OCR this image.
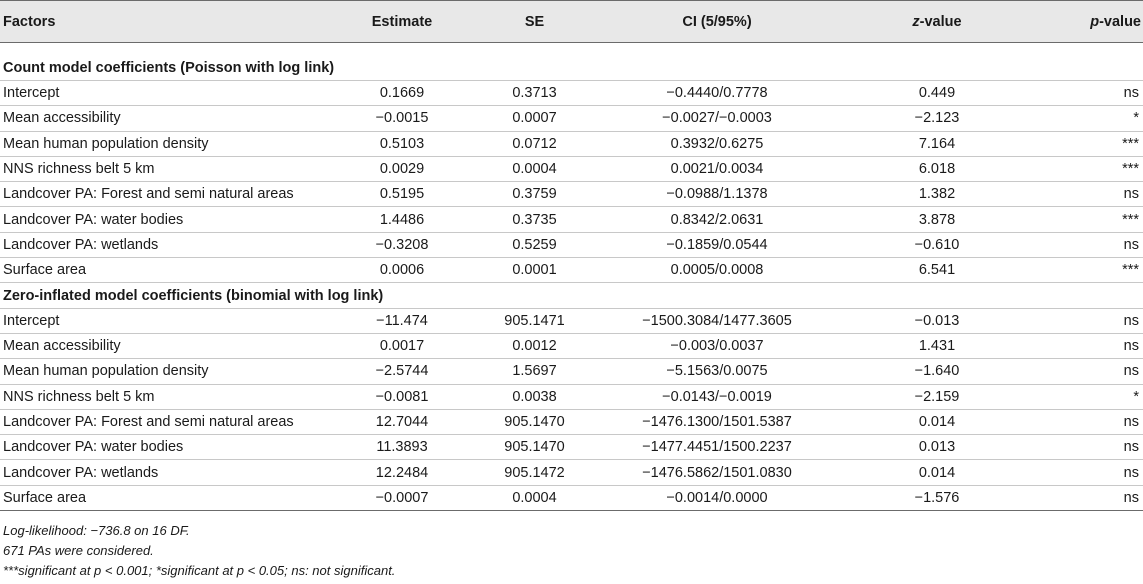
Factors	Estimate	SE	CI (5/95%)	z-value	p-value
Count model coefficients (Poisson with log link)					
Intercept	0.1669	0.3713	−0.4440/0.7778	0.449	ns
Mean accessibility	−0.0015	0.0007	−0.0027/−0.0003	−2.123	*
Mean human population density	0.5103	0.0712	0.3932/0.6275	7.164	***
NNS richness belt 5 km	0.0029	0.0004	0.0021/0.0034	6.018	***
Landcover PA: Forest and semi natural areas	0.5195	0.3759	−0.0988/1.1378	1.382	ns
Landcover PA: water bodies	1.4486	0.3735	0.8342/2.0631	3.878	***
Landcover PA: wetlands	−0.3208	0.5259	−0.1859/0.0544	−0.610	ns
Surface area	0.0006	0.0001	0.0005/0.0008	6.541	***
Zero-inflated model coefficients (binomial with log link)					
Intercept	−11.474	905.1471	−1500.3084/1477.3605	−0.013	ns
Mean accessibility	0.0017	0.0012	−0.003/0.0037	1.431	ns
Mean human population density	−2.5744	1.5697	−5.1563/0.0075	−1.640	ns
NNS richness belt 5 km	−0.0081	0.0038	−0.0143/−0.0019	−2.159	*
Landcover PA: Forest and semi natural areas	12.7044	905.1470	−1476.1300/1501.5387	0.014	ns
Landcover PA: water bodies	11.3893	905.1470	−1477.4451/1500.2237	0.013	ns
Landcover PA: wetlands	12.2484	905.1472	−1476.5862/1501.0830	0.014	ns
Surface area	−0.0007	0.0004	−0.0014/0.0000	−1.576	ns
Log-likelihood: −736.8 on 16 DF.
671 PAs were considered.
***significant at p < 0.001; *significant at p < 0.05; ns: not significant.
